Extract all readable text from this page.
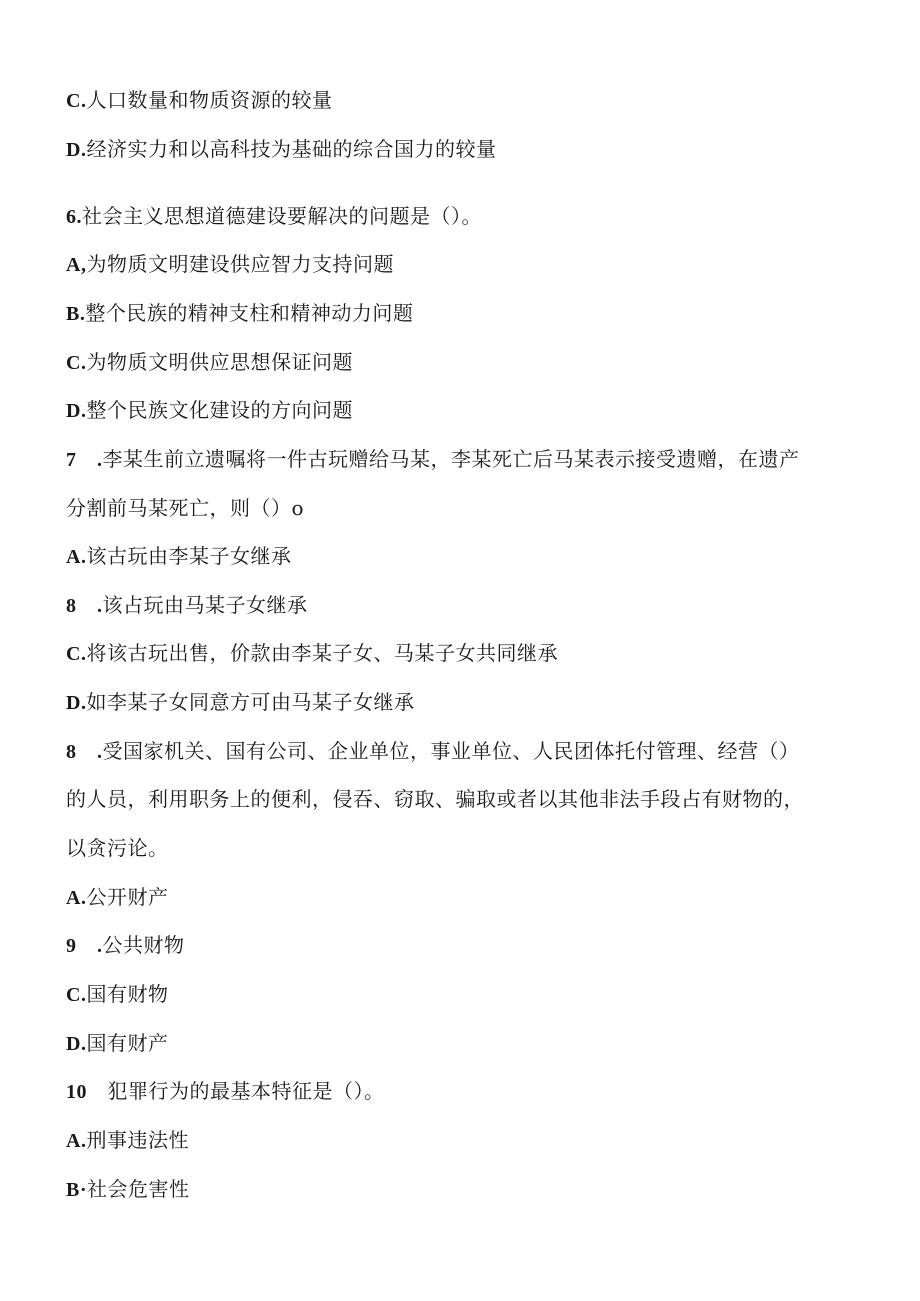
C.人口数量和物质资源的较量
D.经济实力和以高科技为基础的综合国力的较量
6.社会主义思想道德建设要解决的问题是（）。
A,为物质文明建设供应智力支持问题
B.整个民族的精神支柱和精神动力问题
C.为物质文明供应思想保证问题
D.整个民族文化建设的方向问题
7　.李某生前立遗嘱将一件古玩赠给马某，李某死亡后马某表示接受遗赠，在遗产
分割前马某死亡，则（）o
A.该古玩由李某子女继承
8　.该占玩由马某子女继承
C.将该古玩出售，价款由李某子女、马某子女共同继承
D.如李某子女同意方可由马某子女继承
8　.受国家机关、国有公司、企业单位，事业单位、人民团体托付管理、经营（）
的人员，利用职务上的便利，侵吞、窃取、骗取或者以其他非法手段占有财物的，
以贪污论。
A.公开财产
9　.公共财物
C.国有财物
D.国有财产
10　犯罪行为的最基本特征是（）。
A.刑事违法性
B·社会危害性
